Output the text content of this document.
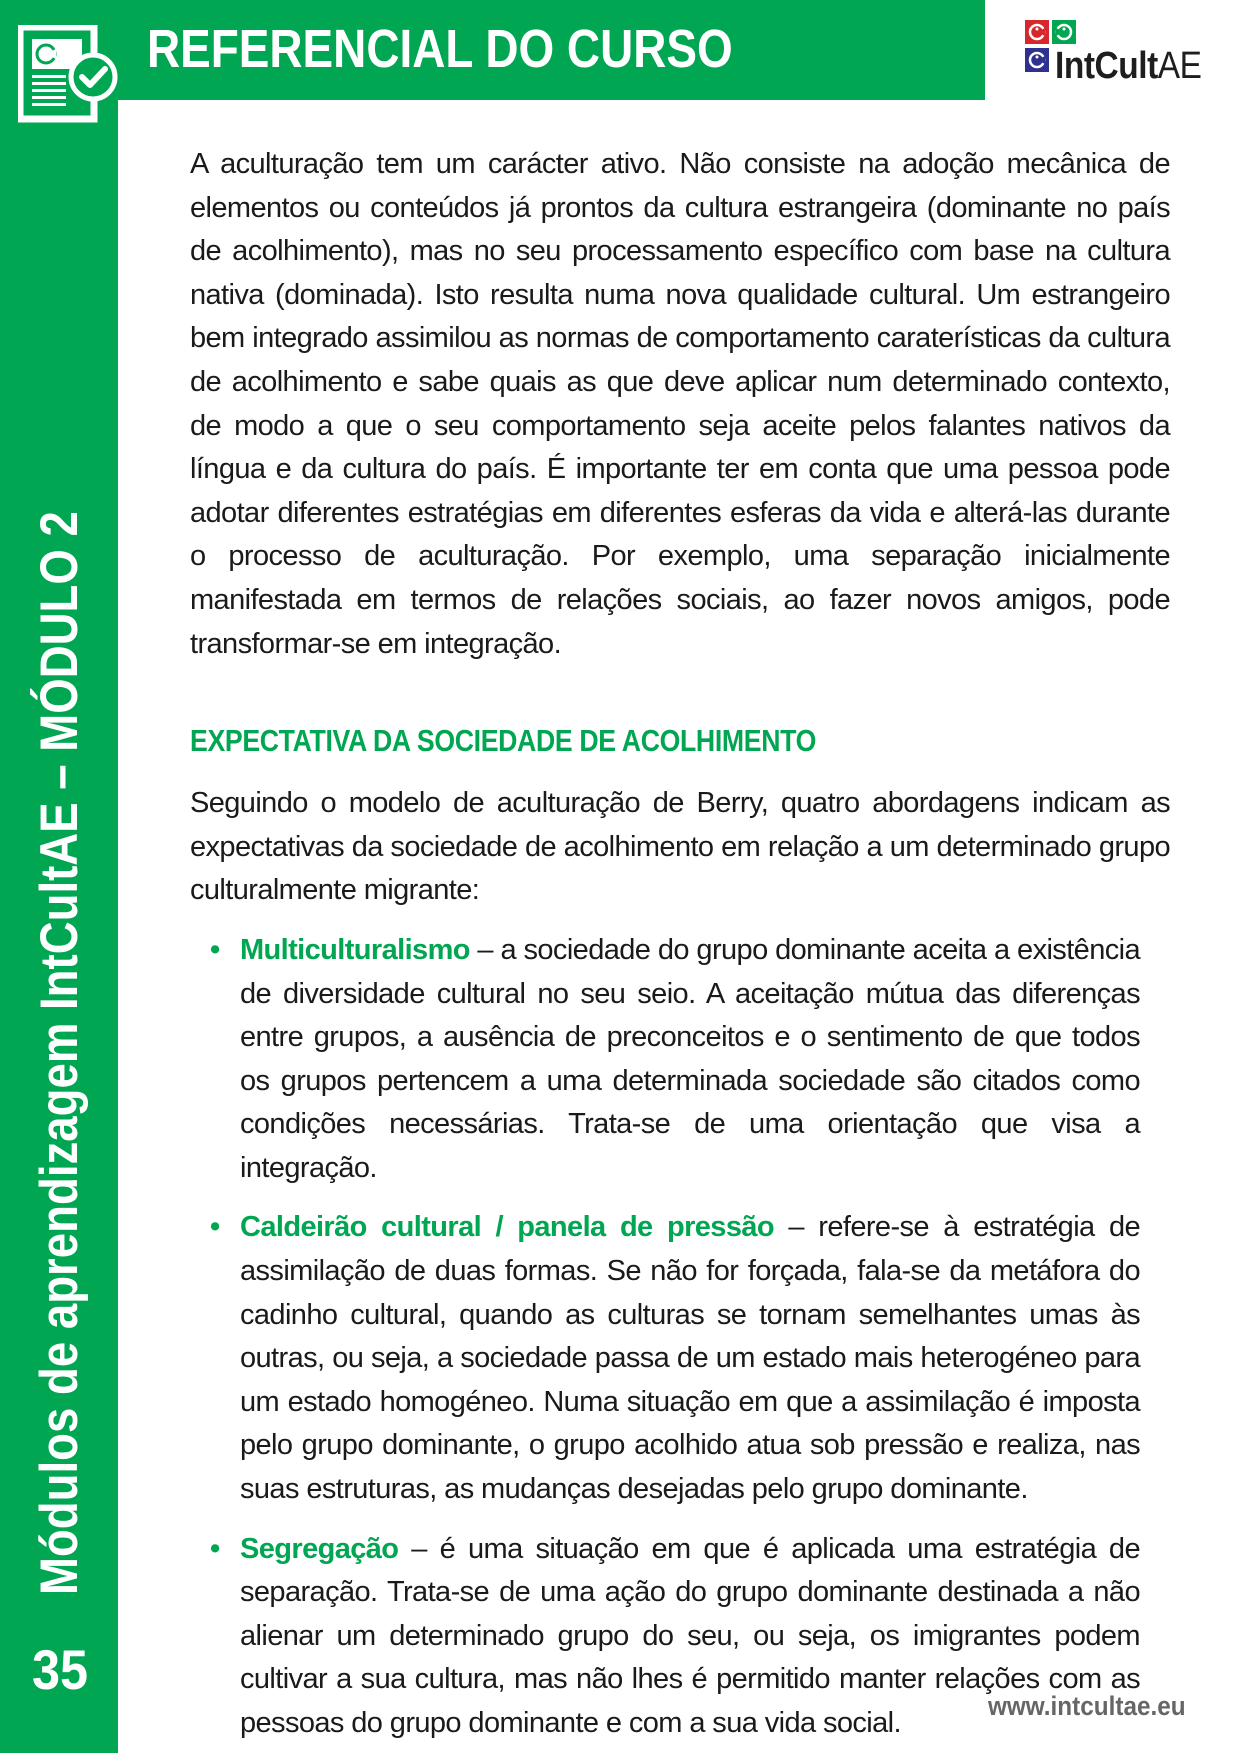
REFERENCIAL DO CURSO	IntCultAE
Módulos de aprendizagem IntCultAE – MÓDULO 2
35

A aculturação tem um carácter ativo. Não consiste na adoção mecânica de elementos ou conteúdos já prontos da cultura estrangeira (dominante no país de acolhimento), mas no seu processamento específico com base na cultura nativa (dominada). Isto resulta numa nova qualidade cultural. Um estrangeiro bem integrado assimilou as normas de comportamento caraterísticas da cultura de acolhimento e sabe quais as que deve aplicar num determinado contexto, de modo a que o seu comportamento seja aceite pelos falantes nativos da língua e da cultura do país. É importante ter em conta que uma pessoa pode adotar diferentes estratégias em diferentes esferas da vida e alterá-las durante o processo de aculturação. Por exemplo, uma separação inicialmente manifestada em termos de relações sociais, ao fazer novos amigos, pode transformar-se em integração.

EXPECTATIVA DA SOCIEDADE DE ACOLHIMENTO

Seguindo o modelo de aculturação de Berry, quatro abordagens indicam as expectativas da sociedade de acolhimento em relação a um determinado grupo culturalmente migrante:

• Multiculturalismo – a sociedade do grupo dominante aceita a existência de diversidade cultural no seu seio. A aceitação mútua das diferenças entre grupos, a ausência de preconceitos e o sentimento de que todos os grupos pertencem a uma determinada sociedade são citados como condições necessárias. Trata-se de uma orientação que visa a integração.
• Caldeirão cultural / panela de pressão – refere-se à estratégia de assimilação de duas formas. Se não for forçada, fala-se da metáfora do cadinho cultural, quando as culturas se tornam semelhantes umas às outras, ou seja, a sociedade passa de um estado mais heterogéneo para um estado homogéneo. Numa situação em que a assimilação é imposta pelo grupo dominante, o grupo acolhido atua sob pressão e realiza, nas suas estruturas, as mudanças desejadas pelo grupo dominante.
• Segregação – é uma situação em que é aplicada uma estratégia de separação. Trata-se de uma ação do grupo dominante destinada a não alienar um determinado grupo do seu, ou seja, os imigrantes podem cultivar a sua cultura, mas não lhes é permitido manter relações com as pessoas do grupo dominante e com a sua vida social.
www.intcultae.eu
